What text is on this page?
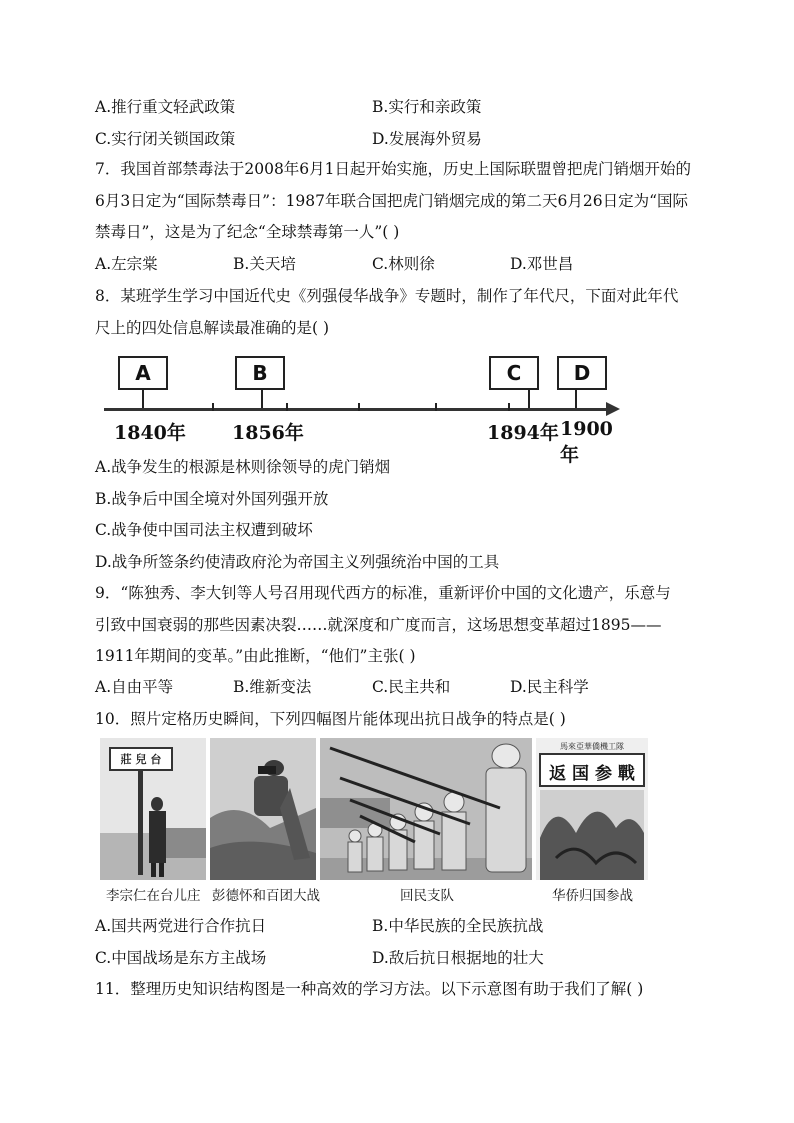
A.推行重文轻武政策	B.实行和亲政策
C.实行闭关锁国政策	D.发展海外贸易
7．我国首部禁毒法于2008年6月1日起开始实施，历史上国际联盟曾把虎门销烟开始的
6月3日定为“国际禁毒日”：1987年联合国把虎门销烟完成的第二天6月26日定为“国际
禁毒日”，这是为了纪念“全球禁毒第一人”( )
A.左宗棠	B.关天培	C.林则徐	D.邓世昌
8．某班学生学习中国近代史《列强侵华战争》专题时，制作了年代尺，下面对此年代
尺上的四处信息解读最准确的是( )
A	B	C	D
1840年 1856年	1894年 1900年
A.战争发生的根源是林则徐领导的虎门销烟
B.战争后中国全境对外国列强开放
C.战争使中国司法主权遭到破坏
D.战争所签条约使清政府沦为帝国主义列强统治中国的工具
9．“陈独秀、李大钊等人号召用现代西方的标准，重新评价中国的文化遗产，乐意与
引致中国衰弱的那些因素决裂……就深度和广度而言，这场思想变革超过1895——
1911年期间的变革。”由此推断，“他们”主张( )
A.自由平等	B.维新变法	C.民主共和	D.民主科学
10．照片定格历史瞬间，下列四幅图片能体现出抗日战争的特点是( )
莊 兒 台
馬來亞華僑機工隊
返 国 参 戰
李宗仁在台儿庄 彭德怀和百团大战	回民支队	华侨归国参战
A.国共两党进行合作抗日	B.中华民族的全民族抗战
C.中国战场是东方主战场	D.敌后抗日根据地的壮大
11．整理历史知识结构图是一种高效的学习方法。以下示意图有助于我们了解( )
